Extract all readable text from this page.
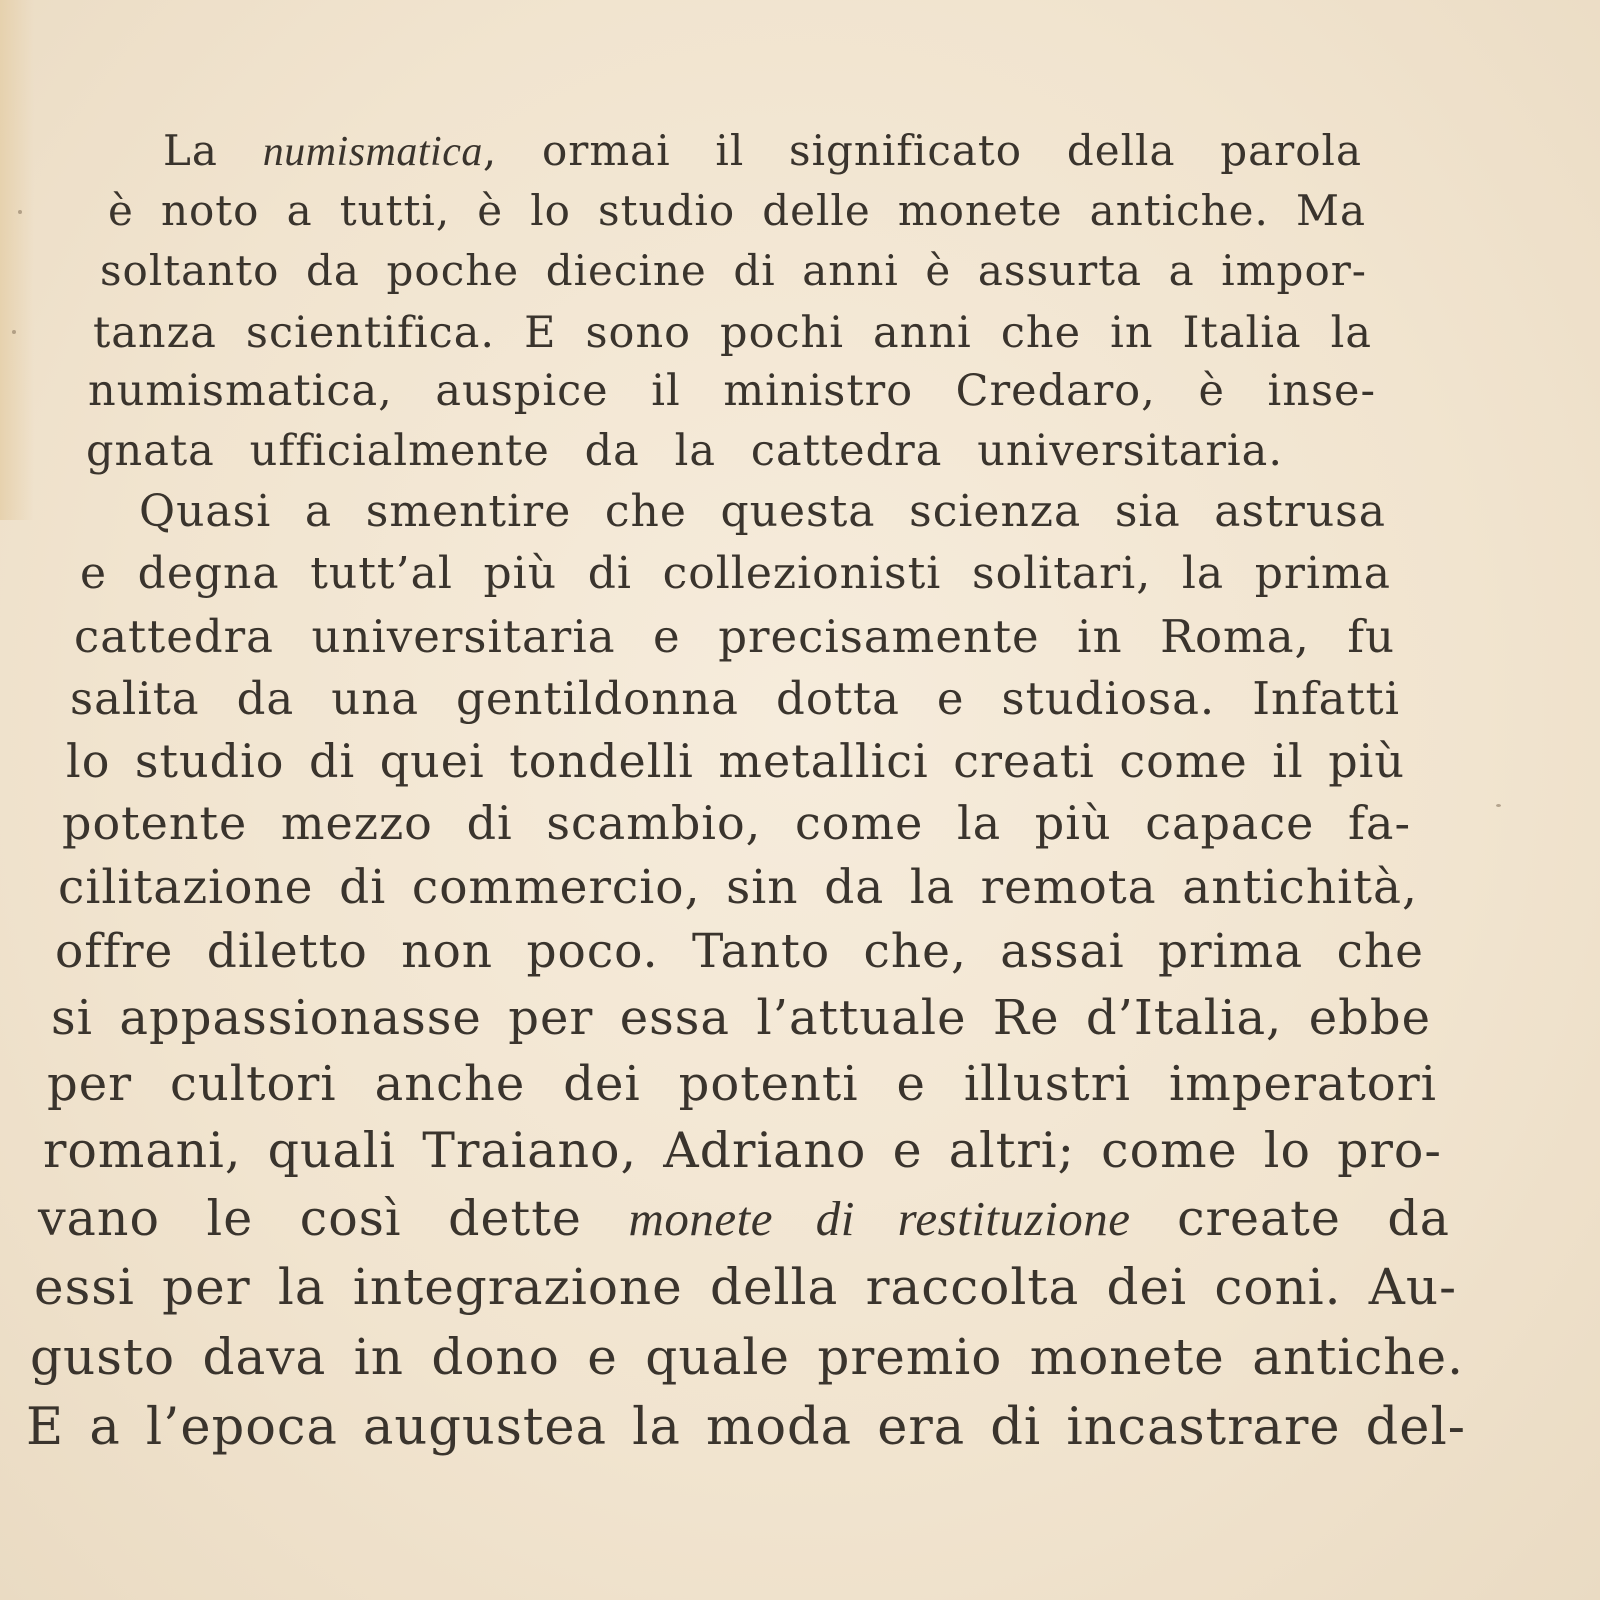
La numismatica, ormai il significato della parola
è noto a tutti, è lo studio delle monete antiche. Ma
soltanto da poche diecine di anni è assurta a impor-
tanza scientifica. E sono pochi anni che in Italia la
numismatica, auspice il ministro Credaro, è inse-
gnata ufficialmente da la cattedra universitaria.
Quasi a smentire che questa scienza sia astrusa
e degna tutt’al più di collezionisti solitari, la prima
cattedra universitaria e precisamente in Roma, fu
salita da una gentildonna dotta e studiosa. Infatti
lo studio di quei tondelli metallici creati come il più
potente mezzo di scambio, come la più capace fa-
cilitazione di commercio, sin da la remota antichità,
offre diletto non poco. Tanto che, assai prima che
si appassionasse per essa l’attuale Re d’Italia, ebbe
per cultori anche dei potenti e illustri imperatori
romani, quali Traiano, Adriano e altri; come lo pro-
vano le così dette monete di restituzione create da
essi per la integrazione della raccolta dei coni. Au-
gusto dava in dono e quale premio monete antiche.
E a l’epoca augustea la moda era di incastrare del-
